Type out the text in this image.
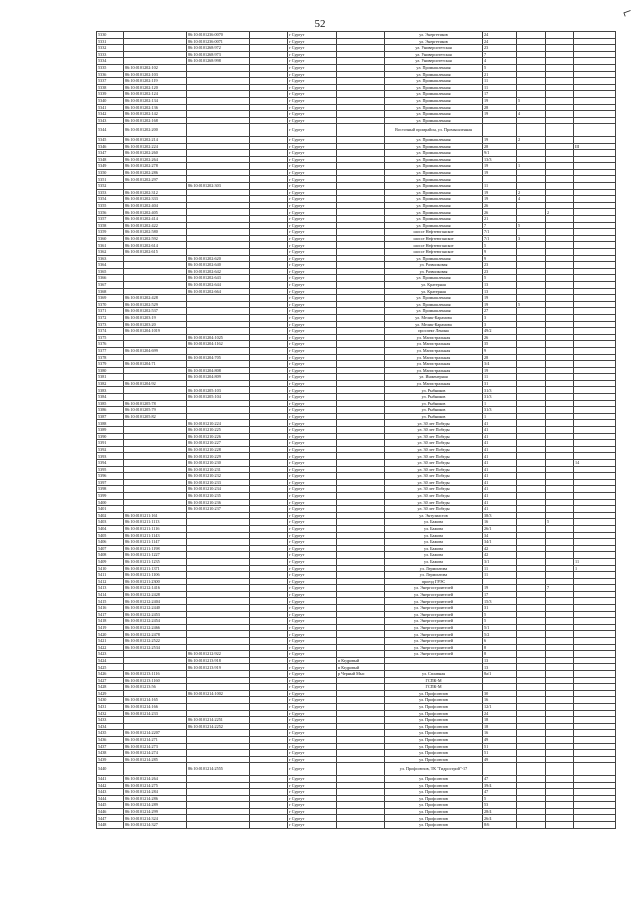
⌐
52
5330		86:10:0101236:0070		г Сургут		ул. Энергетиков	24			
5331		86:10:0101236:0071		г Сургут		ул. Энергетиков	24			
5332		86:10:0101268:972		г Сургут		ул. Университетская	23			
5333		86:10:0101268:973		г Сургут		ул. Университетская	7			
5334		86:10:0101268:998		г Сургут		ул. Университетская	4			
5335	86:10:0101202:102			г Сургут		ул. Промышленная	5			
5336	86:10:0101202:103			г Сургут		ул. Промышленная	21			
5337	86:10:0101202:119			г Сургут		ул. Промышленная	11			
5338	86:10:0101202:120			г Сургут		ул. Промышленная	11			
5339	86:10:0101202:124			г Сургут		ул. Промышленная	17			
5340	86:10:0101202:134			г Сургут		ул. Промышленная	19	5		
5341	86:10:0101202:136			г Сургут		ул. Промышленная	28			
5342	86:10:0101202:142			г Сургут		ул. Промышленная	19	4		
5343	86:10:0101202:168			г Сургут		ул. Промышленная				
5344	86:10:0101202:200			г Сургут		Восточный промрайон, ул. Промышленная				
5345	86:10:0101202:214			г Сургут		ул. Промышленная	19	2		
5346	86:10:0101202:224			г Сургут		ул. Промышленная	28			III
5347	86:10:0101202:260			г Сургут		ул. Промышленная	9/1			
5348	86:10:0101202:264			г Сургут		ул. Промышленная	13/3			
5349	86:10:0101202:278			г Сургут		ул. Промышленная	19	1		
5350	86:10:0101202:286			г Сургут		ул. Промышленная	19			
5351	86:10:0101202:297			г Сургут		ул. Промышленная				
5352		86:10:0101202:303		г Сургут		ул. Промышленная	11			
5353	86:10:0101202:312			г Сургут		ул. Промышленная	19	2		
5354	86:10:0101202:333			г Сургут		ул. Промышленная	19	4		
5355	86:10:0101202:404			г Сургут		ул. Промышленная	26			
5356	86:10:0101202:405			г Сургут		ул. Промышленная	26		2	
5357	86:10:0101202:414			г Сургут		ул. Промышленная	21			
5358	86:10:0101202:422			г Сургут		ул. Промышленная	7	5		
5359	86:10:0101202:580			г Сургут		шоссе Нефтеюганское	7/1			
5360	86:10:0101202:592			г Сургут		шоссе Нефтеюганское	7/1	3		
5361	86:10:0101202:614			г Сургут		шоссе Нефтеюганское	5			
5362	86:10:0101202:615			г Сургут		шоссе Нефтеюганское	9			
5363		86:10:0101202:620		г Сургут		ул. Промышленная	9			
5364		86:10:0101202:640		г Сургут		ул. Развилковая	23			
5365		86:10:0101202:642		г Сургут		ул. Развилковая	23			
5366		86:10:0101202:643		г Сургут		ул. Промышленная	5			
5367		86:10:0101202:644		г Сургут		ул. Кратерная	13			
5368		86:10:0101202:664		г Сургут		ул. Кратерная	13			
5369	86:10:0101202:428			г Сургут		ул. Промышленная	19			
5370	86:10:0101202:529			г Сургут		ул. Промышленная	19	5		
5371	86:10:0101202:537			г Сургут		ул. Промышленная	27			
5372	86:10:0101203:19			г Сургут		ул. Мелик-Карамова	3			
5373	86:10:0101203:20			г Сургут		ул. Мелик-Карамова	3			
5374	86:10:0101204:1019			г Сургут		проспект Ленина	49/2			
5375		86:10:0101204:1025		г Сургут		ул. Магистральная	26			
5376		86:10:0101204:1162		г Сургут		ул. Магистральная	35			
5377	86:10:0101204:699			г Сургут		ул. Магистральная	9			
5378		86:10:0101204:705		г Сургут		ул. Магистральная	28			
5379	86:10:0101204:71			г Сургут		ул. Магистральная	3/4			
5380		86:10:0101204:808		г Сургут		ул. Магистральная	19			
5381		86:10:0101204:809		г Сургут		ул. Инженерная	11			
5382	86:10:0101204:92			г Сургут		ул. Магистральная	31			
5383		86:10:0101205:103		г Сургут		ул. Рыбников	31/3			
5384		86:10:0101205:104		г Сургут		ул. Рыбников	31/3			
5385	86:10:0101205:78			г Сургут		ул. Рыбников	1			
5386	86:10:0101205:79			г Сургут		ул. Рыбников	31/3			
5387	86:10:0101205:82			г Сургут		ул. Рыбников	1			
5388		86:10:0101210:224		г Сургут		ул. 30 лет Победы	41			
5389		86:10:0101210:225		г Сургут		ул. 30 лет Победы	41			
5390		86:10:0101210:226		г Сургут		ул. 30 лет Победы	41			
5391		86:10:0101210:227		г Сургут		ул. 30 лет Победы	41			
5392		86:10:0101210:228		г Сургут		ул. 30 лет Победы	41			
5393		86:10:0101210:229		г Сургут		ул. 30 лет Победы	41			
5394		86:10:0101210:230		г Сургут		ул. 30 лет Победы	41			14
5395		86:10:0101210:231		г Сургут		ул. 30 лет Победы	41			
5396		86:10:0101210:232		г Сургут		ул. 30 лет Победы	41			
5397		86:10:0101210:233		г Сургут		ул. 30 лет Победы	41			
5398		86:10:0101210:234		г Сургут		ул. 30 лет Победы	41			
5399		86:10:0101210:235		г Сургут		ул. 30 лет Победы	41			
5400		86:10:0101210:236		г Сургут		ул. 30 лет Победы	41			
5401		86:10:0101210:237		г Сургут		ул. 30 лет Победы	41			
5402	86:10:0101211:161			г Сургут		ул. Энтузиастов	38/3			
5403	86:10:0101211:1113			г Сургут		ул. Бажова	16		5	
5404	86:10:0101211:1116			г Сургут		ул. Бажова	26/1			
5405	86:10:0101211:1143			г Сургут		ул. Бажова	34			
5406	86:10:0101211:1147			г Сургут		ул. Бажова	34/1			
5407	86:10:0101211:1198			г Сургут		ул. Бажова	42			
5408	86:10:0101211:1227			г Сургут		ул. Бажова	42			
5409	86:10:0101211:1235			г Сургут		ул. Бажова	3/1			11
5410	86:10:0101211:1371			г Сургут		ул. Лермонтова	11			1
5411	86:10:0101211:1106			г Сургут		ул. Лермонтова	11			
5412	86:10:0101211:2300			г Сургут		проезд ГРЭС				
5413	86:10:0101212:1416			г Сургут		ул. Энергостроителей	19		7	
5414	86:10:0101212:2428			г Сургут		ул. Энергостроителей	17			
5415	86:10:0101212:2404			г Сургут		ул. Энергостроителей	15/3			
5416	86:10:0101212:2440			г Сургут		ул. Энергостроителей	31			
5417	86:10:0101212:2453			г Сургут		ул. Энергостроителей	5			
5418	86:10:0101212:2454			г Сургут		ул. Энергостроителей	5			
5419	86:10:0101212:2466			г Сургут		ул. Энергостроителей	5/1			
5420	86:10:0101212:2478			г Сургут		ул. Энергостроителей	5/2			
5421	86:10:0101212:2522			г Сургут		ул. Энергостроителей	6			
5422	86:10:0101212:2534			г Сургут		ул. Энергостроителей	8			
5423		86:10:0101212:922		г Сургут		ул. Энергостроителей	8			
5424		86:10:0101213:918		г Сургут	п Кедровый		13			
5425		86:10:0101213:919		г Сургут	п Кедровый		13			
5426	86:10:0101213:1116			г Сургут	р Черный Мыс	ул. Сплавная	8а/1			
5427	86:10:0101213:1160			г Сургут		ГСПК-М				
5428	86:10:0101213:56			г Сургут		ГСПК-М				
5429		86:10:0101214:1002		г Сургут		ул. Профсоюзов	30			
5430	86:10:0101214:165			г Сургут		ул. Профсоюзов	16			
5431	86:10:0101214:166			г Сургут		ул. Профсоюзов	12/1			
5432	86:10:0101214:233			г Сургут		ул. Профсоюзов	24			
5433		86:10:0101214:2251		г Сургут		ул. Профсоюзов	18			
5434		86:10:0101214:2252		г Сургут		ул. Профсоюзов	18			
5435	86:10:0101214:2207			г Сургут		ул. Профсоюзов	16			
5436	86:10:0101214:271			г Сургут		ул. Профсоюзов	49			
5437	86:10:0101214:273			г Сургут		ул. Профсоюзов	51			
5438	86:10:0101214:274			г Сургут		ул. Профсоюзов	51			
5439	86:10:0101214:285			г Сургут		ул. Профсоюзов	49			
5440		86:10:0101214:2555		г Сургут		ул. Профсоюзов, ТК "Гидрострой"-17				
5441	86:10:0101214:264			г Сургут		ул. Профсоюзов	47			
5442	86:10:0101214:275			г Сургут		ул. Профсоюзов	39/4			
5443	86:10:0101214:284			г Сургут		ул. Профсоюзов	47			
5444	86:10:0101214:286			г Сургут		ул. Профсоюзов	5			
5445	86:10:0101214:289			г Сургут		ул. Профсоюзов	53			
5446	86:10:0101214:299			г Сургут		ул. Профсоюзов	28/4			
5447	86:10:0101214:324			г Сургут		ул. Профсоюзов	26/4			
5448	86:10:0101214:327			г Сургут		ул. Профсоюзов	8/6			
